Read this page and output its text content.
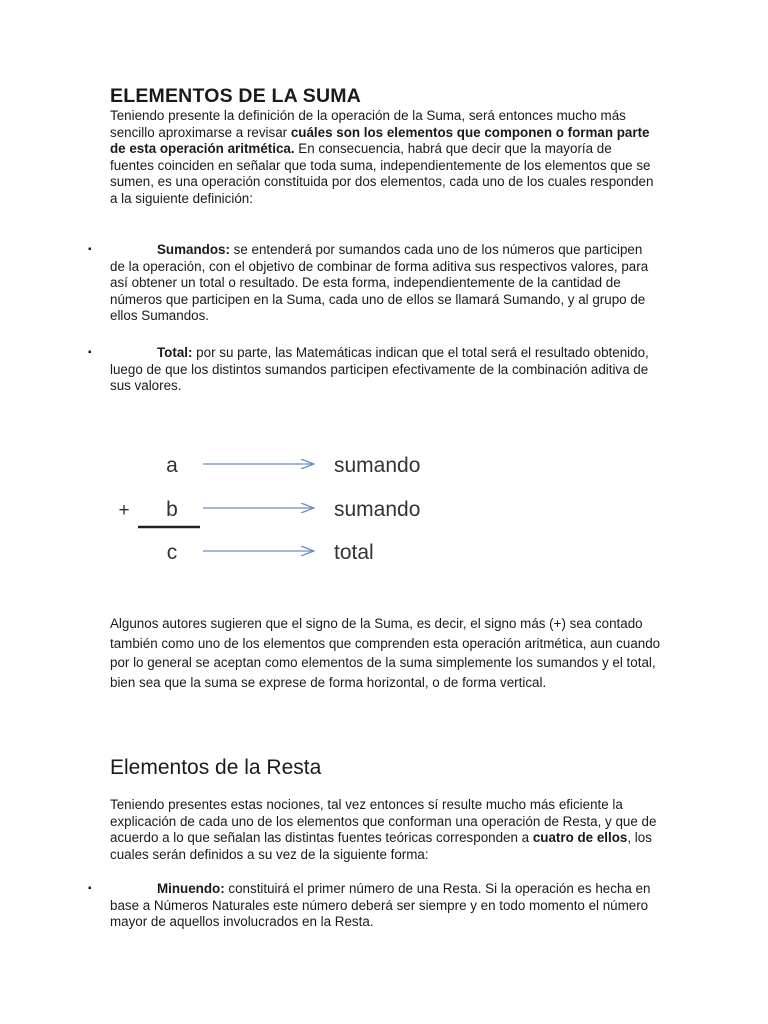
ELEMENTOS DE LA SUMA

Teniendo presente la definición de la operación de la Suma, será entonces mucho más sencillo aproximarse a revisar cuáles son los elementos que componen o forman parte de esta operación aritmética. En consecuencia, habrá que decir que la mayoría de fuentes coinciden en señalar que toda suma, independientemente de los elementos que se sumen, es una operación constituida por dos elementos, cada uno de los cuales responden a la siguiente definición:

▪	Sumandos: se entenderá por sumandos cada uno de los números que participen de la operación, con el objetivo de combinar de forma aditiva sus respectivos valores, para así obtener un total o resultado. De esta forma, independientemente de la cantidad de números que participen en la Suma, cada uno de ellos se llamará Sumando, y al grupo de ellos Sumandos.

▪	Total: por su parte, las Matemáticas indican que el total será el resultado obtenido, luego de que los distintos sumandos participen efectivamente de la combinación aditiva de sus valores.

a	sumando
+ b	sumando
c	total

Algunos autores sugieren que el signo de la Suma, es decir, el signo más (+) sea contado también como uno de los elementos que comprenden esta operación aritmética, aun cuando por lo general se aceptan como elementos de la suma simplemente los sumandos y el total, bien sea que la suma se exprese de forma horizontal, o de forma vertical.

Elementos de la Resta

Teniendo presentes estas nociones, tal vez entonces sí resulte mucho más eficiente la explicación de cada uno de los elementos que conforman una operación de Resta, y que de acuerdo a lo que señalan las distintas fuentes teóricas corresponden a cuatro de ellos, los cuales serán definidos a su vez de la siguiente forma:

▪	Minuendo: constituirá el primer número de una Resta. Si la operación es hecha en base a Números Naturales este número deberá ser siempre y en todo momento el número mayor de aquellos involucrados en la Resta.
